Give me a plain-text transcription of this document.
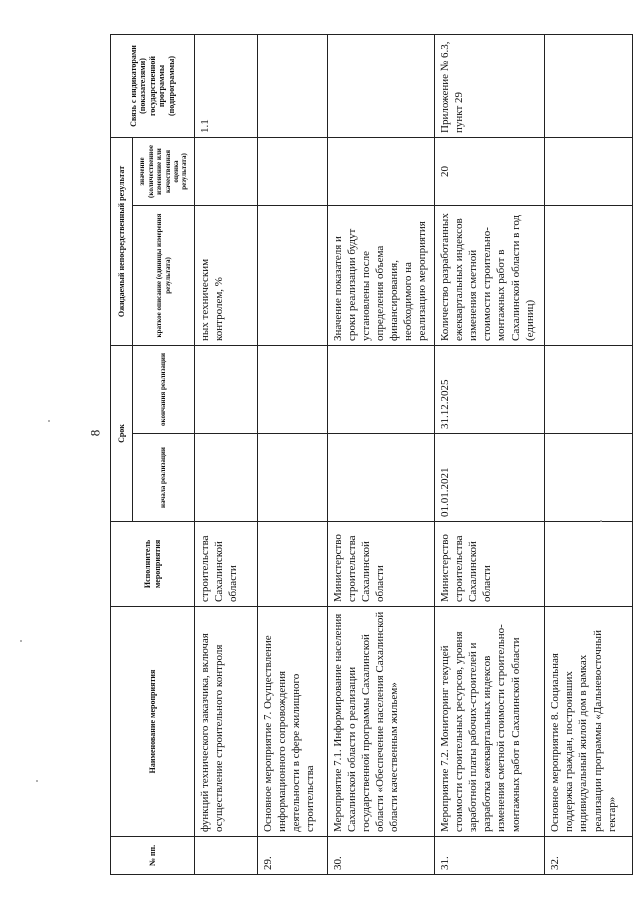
8
№ пп.	Наименование мероприятия	Исполнитель мероприятия	Срок		Ожидаемый непосредственный результат		Связь с индикаторами (показателями) государственной программы (подпрограммы)
			начала реализации	окончания реализации	краткое описание (единицы измерения результата)	значение (количественное изменение или качественная оценка результата)	
	функций технического заказчика, включая осуществление строительного контроля	строительства Сахалинской области			ных техническим контролем, %		1.1
29.	Основное мероприятие 7. Осуществление информационного сопровождения деятельности в сфере жилищного строительства						
30.	Мероприятие 7.1. Информирование населения Сахалинской области о реализации государственной программы Сахалинской области «Обеспечение населения Сахалинской области качественным жильем»	Министерство строительства Сахалинской области			Значение показателя и сроки реализации будут установлены после определения объема финансирования, необходимого на реализацию мероприятия		
31.	Мероприятие 7.2. Мониторинг текущей стоимости строительных ресурсов, уровня заработной платы рабочих-строителей и разработка ежеквартальных индексов изменения сметной стоимости строительно-монтажных работ в Сахалинской области	Министерство строительства Сахалинской области	01.01.2021	31.12.2025	Количество разработанных ежеквартальных индексов изменения сметной стоимости строительно-монтажных работ в Сахалинской области в год (единиц)	20	Приложение № 6.3, пункт 29
32.	Основное мероприятие 8. Социальная поддержка граждан, построивших индивидуальный жилой дом в рамках реализации программы «Дальневосточный гектар»						
